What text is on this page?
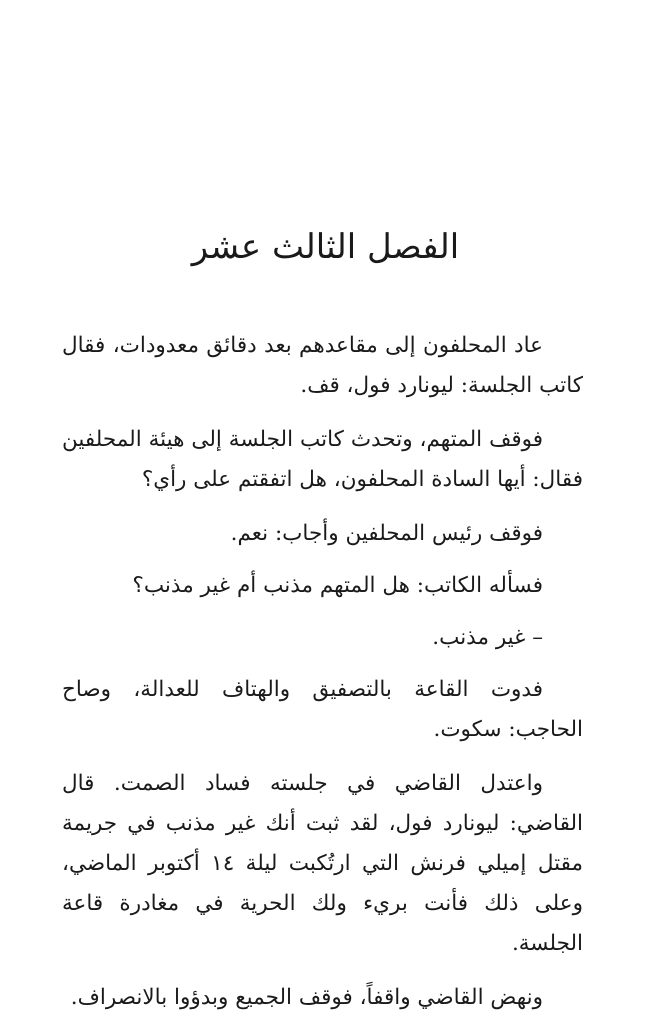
الفصل الثالث عشر

عاد المحلفون إلى مقاعدهم بعد دقائق معدودات، فقال كاتب الجلسة: ليونارد فول، قف.

فوقف المتهم، وتحدث كاتب الجلسة إلى هيئة المحلفين فقال: أيها السادة المحلفون، هل اتفقتم على رأي؟

فوقف رئيس المحلفين وأجاب: نعم.

فسأله الكاتب: هل المتهم مذنب أم غير مذنب؟

– غير مذنب.

فدوت القاعة بالتصفيق والهتاف للعدالة، وصاح الحاجب: سكوت.

واعتدل القاضي في جلسته فساد الصمت. قال القاضي: ليونارد فول، لقد ثبت أنك غير مذنب في جريمة مقتل إميلي فرنش التي ارتُكبت ليلة ١٤ أكتوبر الماضي، وعلى ذلك فأنت بريء ولك الحرية في مغادرة قاعة الجلسة.

ونهض القاضي واقفاً، فوقف الجميع وبدؤوا بالانصراف.
